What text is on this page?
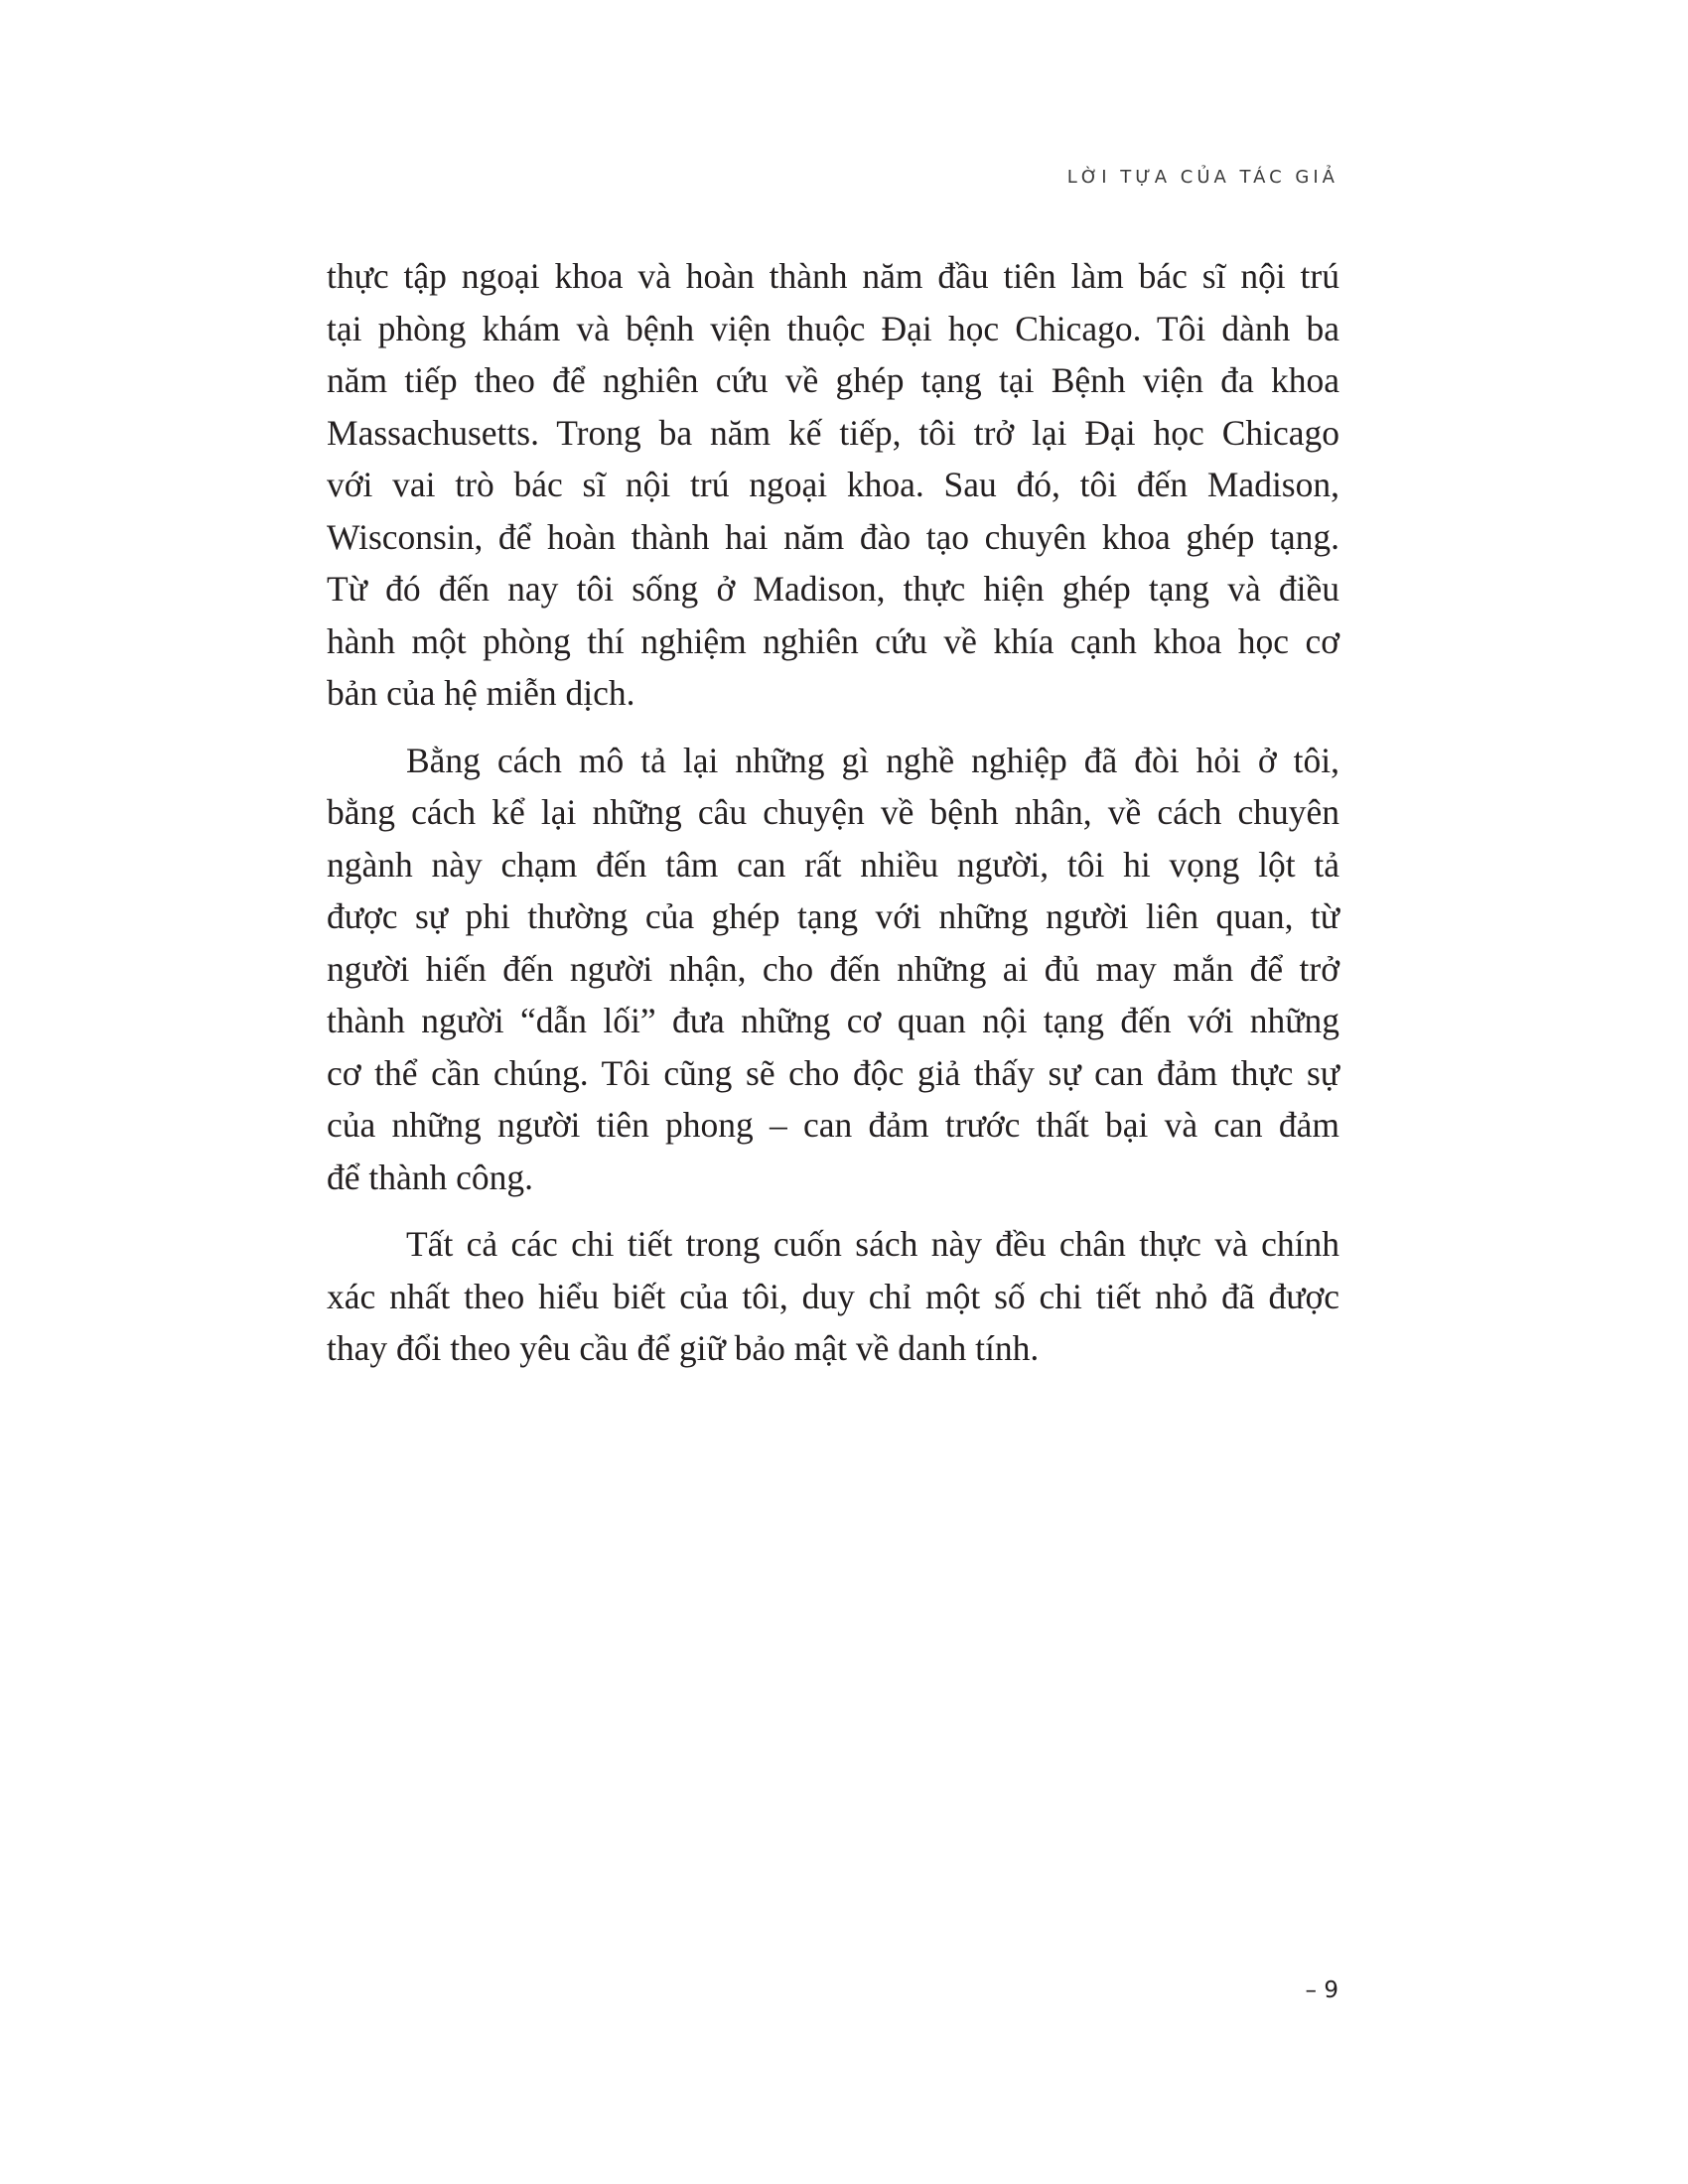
LỜI TỰA CỦA TÁC GIẢ

thực tập ngoại khoa và hoàn thành năm đầu tiên làm bác sĩ nội trú
tại phòng khám và bệnh viện thuộc Đại học Chicago. Tôi dành ba
năm tiếp theo để nghiên cứu về ghép tạng tại Bệnh viện đa khoa
Massachusetts. Trong ba năm kế tiếp, tôi trở lại Đại học Chicago
với vai trò bác sĩ nội trú ngoại khoa. Sau đó, tôi đến Madison,
Wisconsin, để hoàn thành hai năm đào tạo chuyên khoa ghép tạng.
Từ đó đến nay tôi sống ở Madison, thực hiện ghép tạng và điều
hành một phòng thí nghiệm nghiên cứu về khía cạnh khoa học cơ
bản của hệ miễn dịch.

Bằng cách mô tả lại những gì nghề nghiệp đã đòi hỏi ở tôi,
bằng cách kể lại những câu chuyện về bệnh nhân, về cách chuyên
ngành này chạm đến tâm can rất nhiều người, tôi hi vọng lột tả
được sự phi thường của ghép tạng với những người liên quan, từ
người hiến đến người nhận, cho đến những ai đủ may mắn để trở
thành người “dẫn lối” đưa những cơ quan nội tạng đến với những
cơ thể cần chúng. Tôi cũng sẽ cho độc giả thấy sự can đảm thực sự
của những người tiên phong – can đảm trước thất bại và can đảm
để thành công.

Tất cả các chi tiết trong cuốn sách này đều chân thực và chính
xác nhất theo hiểu biết của tôi, duy chỉ một số chi tiết nhỏ đã được
thay đổi theo yêu cầu để giữ bảo mật về danh tính.

– 9
